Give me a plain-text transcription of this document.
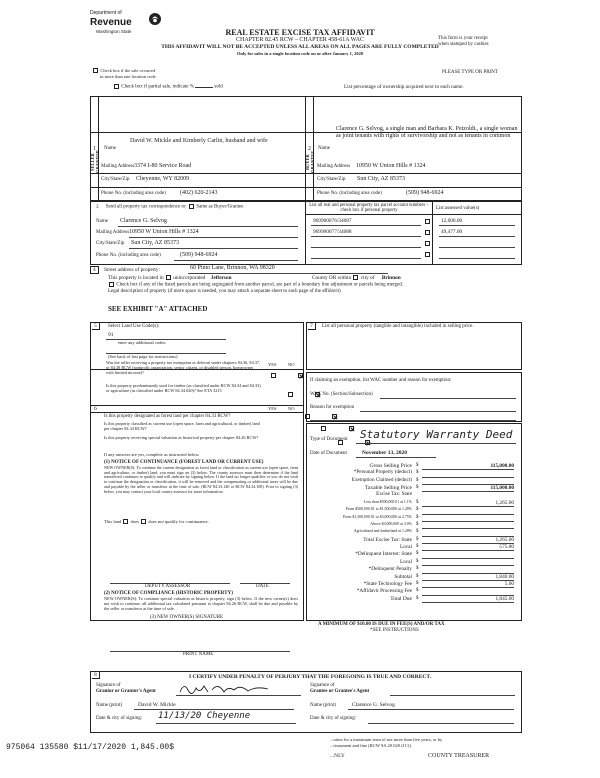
Department of
Revenue
Washington State	REAL ESTATE EXCISE TAX AFFIDAVIT
CHAPTER 82.45 RCW – CHAPTER 458-61A WAC
THIS AFFIDAVIT WILL NOT BE ACCEPTED UNLESS ALL AREAS ON ALL PAGES ARE FULLY COMPLETED
Only for sales in a single location code on or after January 1, 2020
This form is your receipt
when stamped by cashier.
Check box if the sale occurred
in more than one location code.
PLEASE TYPE OR PRINT
Check box if partial sale, indicate %	sold	List percentage of ownership acquired next to each name.
1	2
Name
David W. Mickle and Kimberly Carlin, husband and wife
SELLER GRANTOR Mailing Address 3374 I-80 Service Road
Name
Clarence G. Selvog, a single man and Barbara K. Petzoldt., a single woman as joint tenants with rights of survivorship and not as tenants in common
BUYER GRANTEE Mailing Address 10950 W Union Hills # 1324
City/State/Zip Cheyenne, WY 82009
Phone No. (including area code) (402) 620-2143
City/State/Zip Sun City, AZ 85373
Phone No. (including area code)	(509) 948-6924
3 Send all property tax correspondence to: Same as Buyer/Grantee
Name Clarence G. Selvog
Mailing Address 10950 W Union Hills # 1324
City/State/Zip Sun City, AZ 85373
Phone No. (including area code)	(509) 948-6924
List all real and personal property tax parcel account numbers – check box if personal property	List assessed value(s)
969900076/34087	12,600.00
969900077/34088	49,477.00
4 Street address of property:	60 Pinto Lane, Brinnon, WA 98320
This property is located in unincorporated Jefferson	County OR within city of Brinnon
Check box if any of the listed parcels are being segregated from another parcel, are part of a boundary line adjustment or parcels being merged.
Legal description of property (if more space is needed, you may attach a separate sheet to each page of the affidavit)
SEE EXHIBIT "A" ATTACHED
5	Select Land Use Code(s):
91
enter any additional codes:
(See back of last page for instructions)
YES	NO
Was the seller receiving a property tax exemption or deferral under chapters 84.36, 84.37, or 84.38 RCW (nonprofit organization, senior citizen, or disabled person, homeowner with limited income)?

Is this property predominantly used for timber (as classified under RCW 84.34 and 84.33) or agriculture (as classified under RCW 84.34.020)? See ETA 3215

6	YES	NO
Is this property designated as forest land per chapter 84.33 RCW?

Is this property classified as current use (open space, farm and agricultural, or timber) land per chapter 84.34 RCW?

Is this property receiving special valuation as historical property per chapter 84.26 RCW?

If any answers are yes, complete as instructed below.
(1) NOTICE OF CONTINUANCE (FOREST LAND OR CURRENT USE)
NEW OWNER(S): To continue the current designation as forest land or classification as current use (open space, farm and agriculture, or timber) land, you must sign on (3) below. The county assessor must then determine if the land transferred continues to qualify and will indicate by signing below. If the land no longer qualifies or you do not wish to continue the designation or classification, it will be removed and the compensating or additional taxes will be due and payable by the seller or transferor at the time of sale. (RCW 84.33.140 or RCW 84.34.108). Prior to signing (3) below, you may contact your local county assessor for more information.
This land does does not qualify for continuance.
DEPUTY ASSESSOR	DATE
(2) NOTICE OF COMPLIANCE (HISTORIC PROPERTY)
NEW OWNER(S): To continue special valuation as historic property, sign (3) below. If the new owner(s) does not wish to continue, all additional tax calculated pursuant to chapter 84.26 RCW, shall be due and payable by the seller or transferor at the time of sale.
(3) NEW OWNER(S) SIGNATURE
PRINT NAME
7	List all personal property (tangible and intangible) included in selling price.
If claiming an exemption, list WAC number and reason for exemption:
WAC No. (Section/Subsection)
Reason for exemption
Type of Document Statutory Warranty Deed
Date of Document	November 13, 2020
Gross Selling Price $	115,000.00
*Personal Property (deduct) $
Exemption Claimed (deduct) $
Taxable Selling Price $	115,000.00
Excise Tax: State
Less than $500,000.01 at 1.1% $	1,265.00
From $500,000.01 to $1,500,000 at 1.28% $
From $1,500,000.01 to $3,000,000 at 2.75% $
Above $3,000,000 at 3.0% $
Agricultural and timberland at 1.28% $
Total Excise Tax: State $	1,265.00
Local $	575.00
*Delinquent Interest: State $
Local $
*Delinquent Penalty $
Subtotal $	1,840.00
*State Technology Fee $	5.00
*Affidavit Processing Fee $
Total Due $	1,845.00
A MINIMUM OF $10.00 IS DUE IN FEE(S) AND/OR TAX
*SEE INSTRUCTIONS
8	I CERTIFY UNDER PENALTY OF PERJURY THAT THE FOREGOING IS TRUE AND CORRECT.
Signature of
Grantor or Grantor's Agent
Signature of
Grantee or Grantee's Agent
Name (print)	David W. Mickle	Name (print)	Clarence G. Selvog
Date & city of signing: 11/13/20 Cheyenne	Date & city of signing:
...ution for a maximum term of not more than five years, or by
...risonment and fine (RCW 9A.20.020 (1C)).
...NLY	COUNTY TREASURER
975064 135580 $11/17/2020 1,845.00$
